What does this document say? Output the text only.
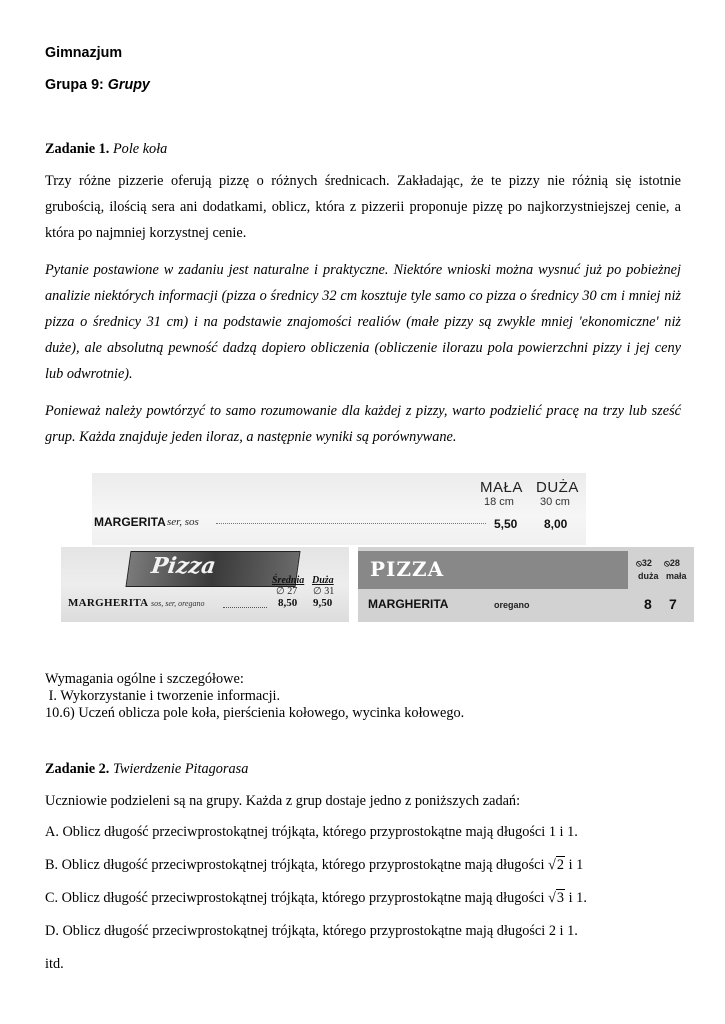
Gimnazjum
Grupa 9: Grupy
Zadanie 1. Pole koła
Trzy różne pizzerie oferują pizzę o różnych średnicach. Zakładając, że te pizzy nie różnią się istotnie grubością, ilością sera ani dodatkami, oblicz, która z pizzerii proponuje pizzę po najkorzystniejszej cenie, a która po najmniej korzystnej cenie.
Pytanie postawione w zadaniu jest naturalne i praktyczne. Niektóre wnioski można wysnuć już po pobieżnej analizie niektórych informacji (pizza o średnicy 32 cm kosztuje tyle samo co pizza o średnicy 30 cm i mniej niż pizza o średnicy 31 cm) i na podstawie znajomości realiów (małe pizzy są zwykle mniej 'ekonomiczne' niż duże), ale absolutną pewność dadzą dopiero obliczenia (obliczenie ilorazu pola powierzchni pizzy i jej ceny lub odwrotnie).
Ponieważ należy powtórzyć to samo rozumowanie dla każdej z pizzy, warto podzielić pracę na trzy lub sześć grup. Każda znajduje jeden iloraz, a następnie wyniki są porównywane.
MAŁA DUŻA
18 cm 30 cm
MARGERITA ser, sos	5,50 8,00
Pizza
Średnia Duża
∅ 27 ∅ 31
MARGHERITA sos, ser, oregano	8,50 9,50
PIZZA	⦸32 ⦸28
duża mała
MARGHERITA	oregano	8 7
Wymagania ogólne i szczegółowe:
I. Wykorzystanie i tworzenie informacji.
10.6) Uczeń oblicza pole koła, pierścienia kołowego, wycinka kołowego.
Zadanie 2. Twierdzenie Pitagorasa
Uczniowie podzieleni są na grupy. Każda z grup dostaje jedno z poniższych zadań:
A. Oblicz długość przeciwprostokątnej trójkąta, którego przyprostokątne mają długości 1 i 1.
B. Oblicz długość przeciwprostokątnej trójkąta, którego przyprostokątne mają długości √2 i 1
C. Oblicz długość przeciwprostokątnej trójkąta, którego przyprostokątne mają długości √3 i 1.
D. Oblicz długość przeciwprostokątnej trójkąta, którego przyprostokątne mają długości 2 i 1.
itd.
